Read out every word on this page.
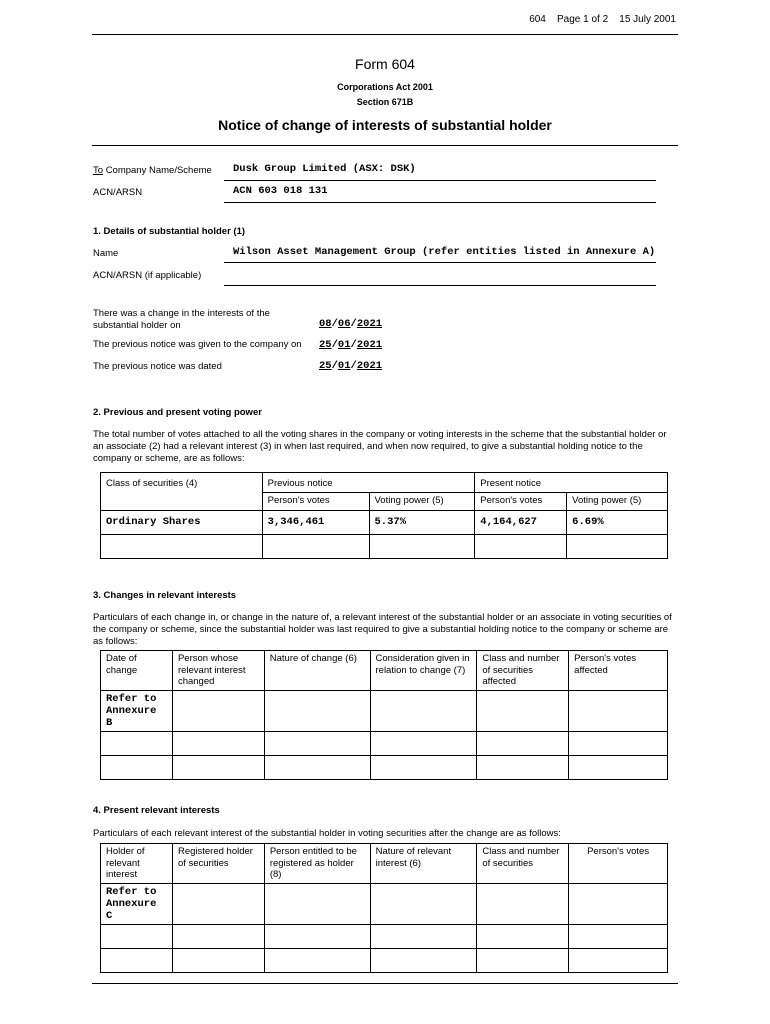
604 Page 1 of 2 15 July 2001
Form 604
Corporations Act 2001
Section 671B
Notice of change of interests of substantial holder
To Company Name/Scheme Dusk Group Limited (ASX: DSK)
ACN/ARSN	ACN 603 018 131
1. Details of substantial holder (1)
Name	Wilson Asset Management Group (refer entities listed in Annexure A)
ACN/ARSN (if applicable)
There was a change in the interests of the substantial holder on	08/06/2021
The previous notice was given to the company on 25/01/2021
The previous notice was dated	25/01/2021
2. Previous and present voting power
The total number of votes attached to all the voting shares in the company or voting interests in the scheme that the substantial holder or an associate (2) had a relevant interest (3) in when last required, and when now required, to give a substantial holding notice to the company or scheme, are as follows:
Class of securities (4)	Previous notice		Present notice	
	Person's votes	Voting power (5)	Person's votes	Voting power (5)
Ordinary Shares	3,346,461	5.37%	4,164,627	6.69%

3. Changes in relevant interests
Particulars of each change in, or change in the nature of, a relevant interest of the substantial holder or an associate in voting securities of the company or scheme, since the substantial holder was last required to give a substantial holding notice to the company or scheme are as follows:
Date of change	Person whose relevant interest changed	Nature of change (6)	Consideration given in relation to change (7)	Class and number of securities affected	Person's votes affected
Refer to Annexure B					

4. Present relevant interests
Particulars of each relevant interest of the substantial holder in voting securities after the change are as follows:
Holder of relevant interest	Registered holder of securities	Person entitled to be registered as holder (8)	Nature of relevant interest (6)	Class and number of securities	Person's votes
Refer to Annexure C					
